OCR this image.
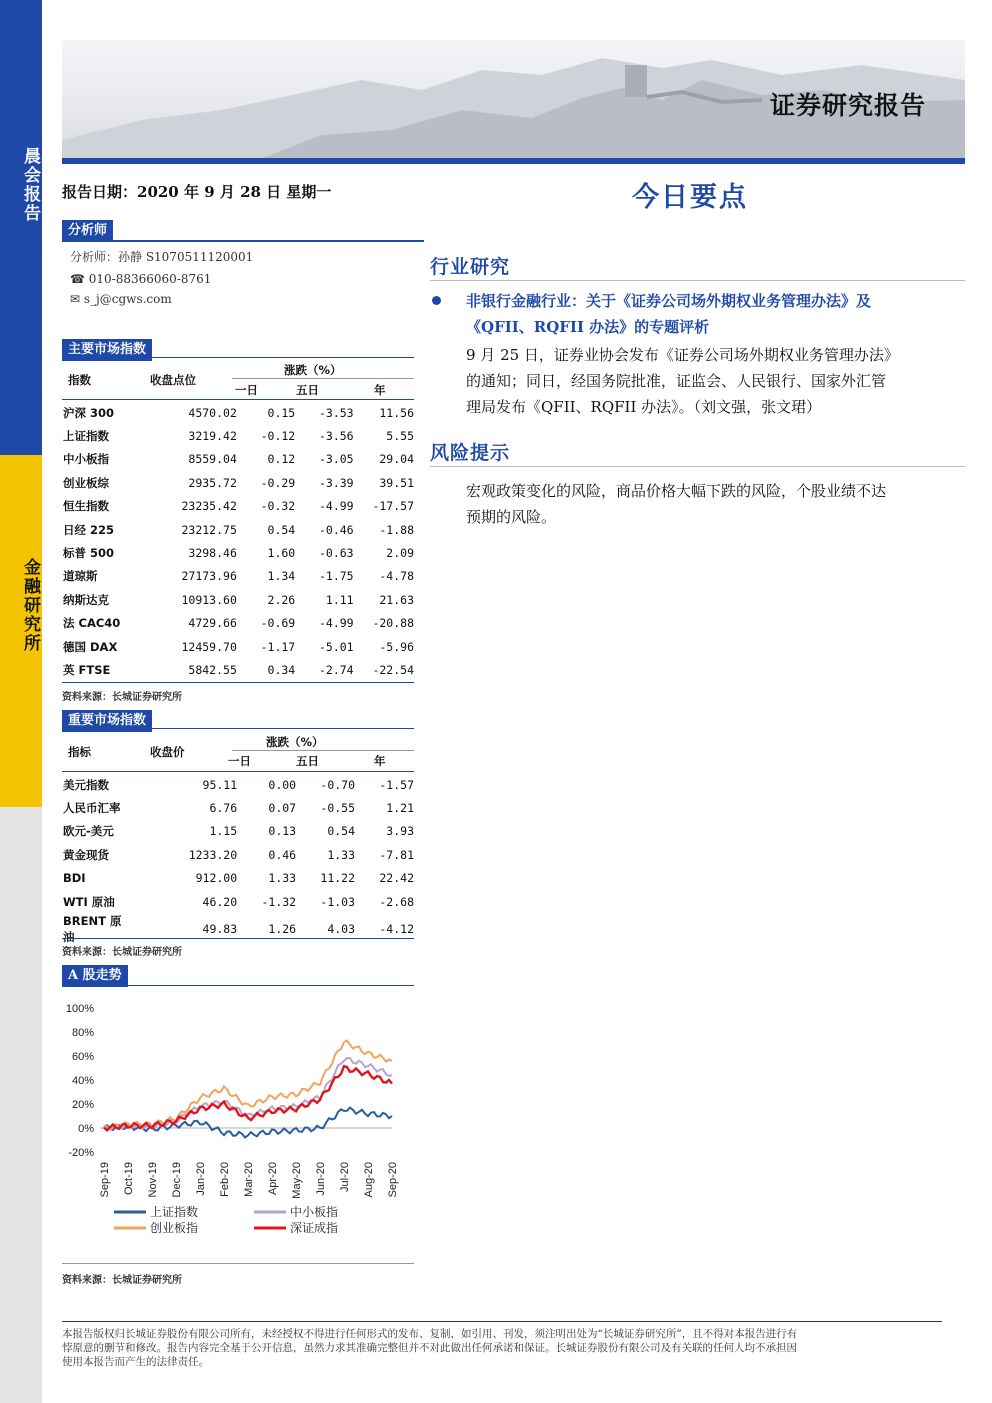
晨会报告
金融研究所
证券研究报告
报告日期：2020 年 9 月 28 日 星期一	今日要点
分析师
分析师：孙静 S1070511120001
☎ 010-88366060-8761
✉ s_j@cgws.com
主要市场指数
指数	收盘点位
涨跌（%）
一日	五日	年
沪深 300	4570.02	0.15	-3.53	11.56
上证指数	3219.42	-0.12	-3.56	5.55
中小板指	8559.04	0.12	-3.05	29.04
创业板综	2935.72	-0.29	-3.39	39.51
恒生指数	23235.42	-0.32	-4.99	-17.57
日经 225	23212.75	0.54	-0.46	-1.88
标普 500	3298.46	1.60	-0.63	2.09
道琼斯	27173.96	1.34	-1.75	-4.78
纳斯达克	10913.60	2.26	1.11	21.63
法 CAC40	4729.66	-0.69	-4.99	-20.88
德国 DAX	12459.70	-1.17	-5.01	-5.96
英 FTSE	5842.55	0.34	-2.74	-22.54
资料来源：长城证券研究所
重要市场指数
指标	收盘价
涨跌（%）
一日	五日	年
美元指数	95.11	0.00	-0.70	-1.57
人民币汇率	6.76	0.07	-0.55	1.21
欧元-美元	1.15	0.13	0.54	3.93
黄金现货	1233.20	0.46	1.33	-7.81
BDI	912.00	1.33	11.22	22.42
WTI 原油	46.20	-1.32	-1.03	-2.68
BRENT 原油	49.83	1.26	4.03	-4.12
资料来源：长城证券研究所
A 股走势
100%
80%
60%
40%
20%
0%
-20%
Sep-19 Oct-19 Nov-19 Dec-19 Jan-20 Feb-20 Mar-20 Apr-20 May-20 Jun-20 Jul-20 Aug-20 Sep-20
上证指数	中小板指
创业板指	深证成指
资料来源：长城证券研究所
行业研究
非银行金融行业：关于《证券公司场外期权业务管理办法》及
《QFII、RQFII 办法》的专题评析
9 月 25 日，证券业协会发布《证券公司场外期权业务管理办法》
的通知；同日，经国务院批准，证监会、人民银行、国家外汇管
理局发布《QFII、RQFII 办法》。（刘文强，张文珺）
风险提示
宏观政策变化的风险，商品价格大幅下跌的风险，个股业绩不达
预期的风险。
本报告版权归长城证券股份有限公司所有，未经授权不得进行任何形式的发布、复制，如引用、刊发，须注明出处为“长城证券研究所”，且不得对本报告进行有
悖原意的删节和修改。报告内容完全基于公开信息，虽然力求其准确完整但并不对此做出任何承诺和保证。长城证券股份有限公司及有关联的任何人均不承担因
使用本报告而产生的法律责任。
